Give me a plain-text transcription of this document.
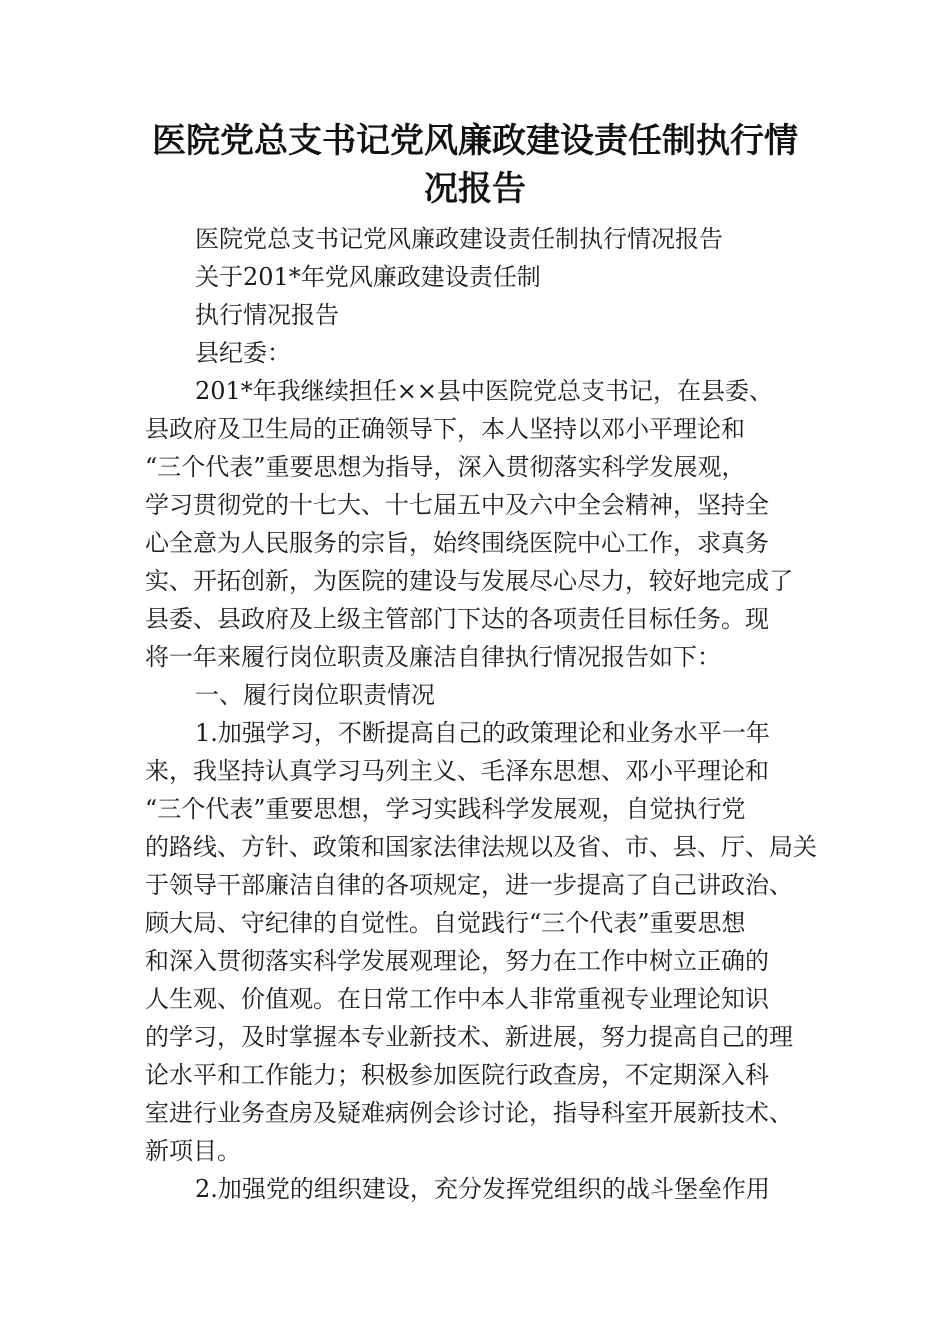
医院党总支书记党风廉政建设责任制执行情
况报告

医院党总支书记党风廉政建设责任制执行情况报告

关于201*年党风廉政建设责任制

执行情况报告

县纪委：

201*年我继续担任××县中医院党总支书记，在县委、

县政府及卫生局的正确领导下，本人坚持以邓小平理论和

“三个代表”重要思想为指导，深入贯彻落实科学发展观，

学习贯彻党的十七大、十七届五中及六中全会精神，坚持全

心全意为人民服务的宗旨，始终围绕医院中心工作，求真务

实、开拓创新，为医院的建设与发展尽心尽力，较好地完成了

县委、县政府及上级主管部门下达的各项责任目标任务。现

将一年来履行岗位职责及廉洁自律执行情况报告如下：

一、履行岗位职责情况

1.加强学习，不断提高自己的政策理论和业务水平一年

来，我坚持认真学习马列主义、毛泽东思想、邓小平理论和

“三个代表”重要思想，学习实践科学发展观，自觉执行党

的路线、方针、政策和国家法律法规以及省、市、县、厅、局关

于领导干部廉洁自律的各项规定，进一步提高了自己讲政治、

顾大局、守纪律的自觉性。自觉践行“三个代表”重要思想

和深入贯彻落实科学发展观理论，努力在工作中树立正确的

人生观、价值观。在日常工作中本人非常重视专业理论知识

的学习，及时掌握本专业新技术、新进展，努力提高自己的理

论水平和工作能力；积极参加医院行政查房，不定期深入科

室进行业务查房及疑难病例会诊讨论，指导科室开展新技术、

新项目。

2.加强党的组织建设，充分发挥党组织的战斗堡垒作用
